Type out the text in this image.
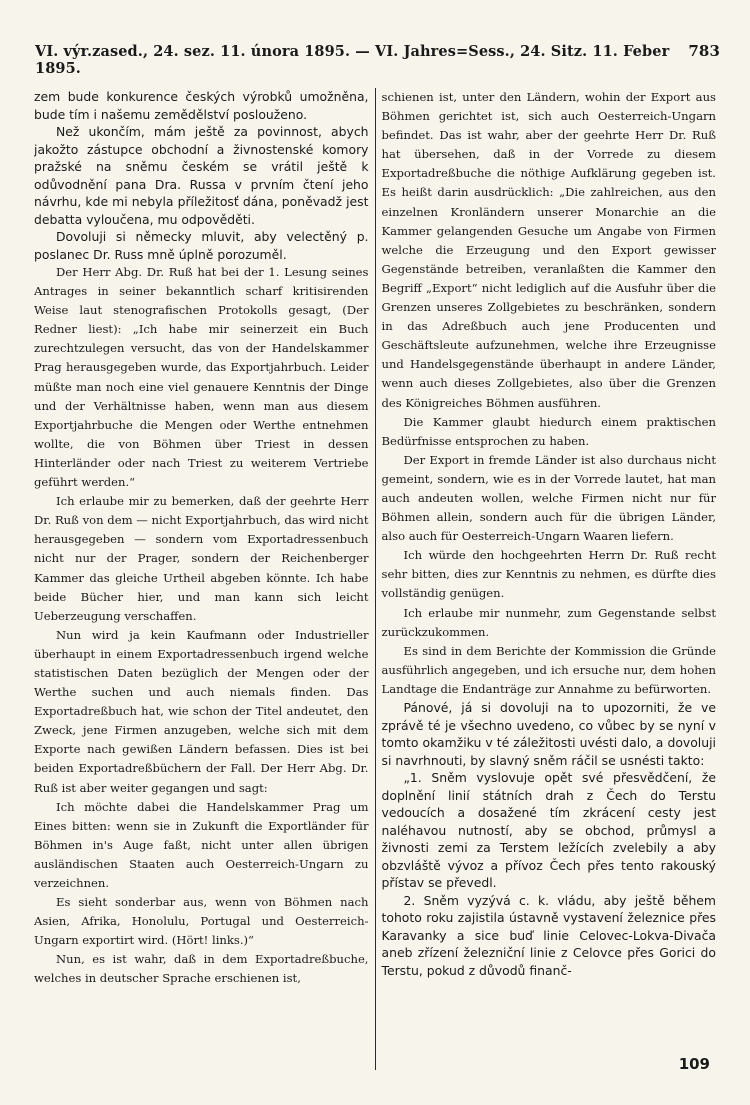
VI. výr.zased., 24. sez. 11. února 1895. — VI. Jahres=Sess., 24. Sitz. 11. Feber 1895.
783

zem bude konkurence českých výrobků umožněna, bude tím i našemu zemědělství poslouženo.

Než ukončím, mám ještě za povinnost, abych jakožto zástupce obchodní a živnostenské komory pražské na sněmu českém se vrátil ještě k odůvodnění pana Dra. Russa v prvním čtení jeho návrhu, kde mi nebyla příležitosť dána, poněvadž jest debatta vyloučena, mu odpověděti.

Dovoluji si německy mluvit, aby velectěný p. poslanec Dr. Russ mně úplně porozuměl.

Der Herr Abg. Dr. Ruß hat bei der 1. Lesung seines Antrages in seiner bekanntlich scharf kritisirenden Weise laut stenografischen Protokolls gesagt, (Der Redner liest): „Ich habe mir seinerzeit ein Buch zurechtzulegen versucht, das von der Handelskammer Prag herausgegeben wurde, das Exportjahrbuch. Leider müßte man noch eine viel genauere Kenntnis der Dinge und der Verhältnisse haben, wenn man aus diesem Exportjahrbuche die Mengen oder Werthe entnehmen wollte, die von Böhmen über Triest in dessen Hinterländer oder nach Triest zu weiterem Vertriebe geführt werden.“

Ich erlaube mir zu bemerken, daß der geehrte Herr Dr. Ruß von dem — nicht Exportjahrbuch, das wird nicht herausgegeben — sondern vom Exportadressenbuch nicht nur der Prager, sondern der Reichenberger Kammer das gleiche Urtheil abgeben könnte. Ich habe beide Bücher hier, und man kann sich leicht Ueberzeugung verschaffen.

Nun wird ja kein Kaufmann oder Industrieller überhaupt in einem Exportadressenbuch irgend welche statistischen Daten bezüglich der Mengen oder der Werthe suchen und auch niemals finden. Das Exportadreßbuch hat, wie schon der Titel andeutet, den Zweck, jene Firmen anzugeben, welche sich mit dem Exporte nach gewißen Ländern befassen. Dies ist bei beiden Exportadreßbüchern der Fall. Der Herr Abg. Dr. Ruß ist aber weiter gegangen und sagt:

Ich möchte dabei die Handelskammer Prag um Eines bitten: wenn sie in Zukunft die Exportländer für Böhmen in's Auge faßt, nicht unter allen übrigen ausländischen Staaten auch Oesterreich-Ungarn zu verzeichnen.

Es sieht sonderbar aus, wenn von Böhmen nach Asien, Afrika, Honolulu, Portugal und Oesterreich-Ungarn exportirt wird. (Hört! links.)“

Nun, es ist wahr, daß in dem Exportadreßbuche, welches in deutscher Sprache erschienen ist,

schienen ist, unter den Ländern, wohin der Export aus Böhmen gerichtet ist, sich auch Oesterreich-Ungarn befindet. Das ist wahr, aber der geehrte Herr Dr. Ruß hat übersehen, daß in der Vorrede zu diesem Exportadreßbuche die nöthige Aufklärung gegeben ist. Es heißt darin ausdrücklich: „Die zahlreichen, aus den einzelnen Kronländern unserer Monarchie an die Kammer gelangenden Gesuche um Angabe von Firmen welche die Erzeugung und den Export gewisser Gegenstände betreiben, veranlaßten die Kammer den Begriff „Export“ nicht lediglich auf die Ausfuhr über die Grenzen unseres Zollgebietes zu beschränken, sondern in das Adreßbuch auch jene Producenten und Geschäftsleute aufzunehmen, welche ihre Erzeugnisse und Handelsgegenstände überhaupt in andere Länder, wenn auch dieses Zollgebietes, also über die Grenzen des Königreiches Böhmen ausführen.

Die Kammer glaubt hiedurch einem praktischen Bedürfnisse entsprochen zu haben.

Der Export in fremde Länder ist also durchaus nicht gemeint, sondern, wie es in der Vorrede lautet, hat man auch andeuten wollen, welche Firmen nicht nur für Böhmen allein, sondern auch für die übrigen Länder, also auch für Oesterreich-Ungarn Waaren liefern.

Ich würde den hochgeehrten Herrn Dr. Ruß recht sehr bitten, dies zur Kenntnis zu nehmen, es dürfte dies vollständig genügen.

Ich erlaube mir nunmehr, zum Gegenstande selbst zurückzukommen.

Es sind in dem Berichte der Kommission die Gründe ausführlich angegeben, und ich ersuche nur, dem hohen Landtage die Endanträge zur Annahme zu befürworten.

Pánové, já si dovoluji na to upozorniti, že ve zprávě té je všechno uvedeno, co vůbec by se nyní v tomto okamžiku v té záležitosti uvésti dalo, a dovoluji si navrhnouti, by slavný sněm ráčil se usnésti takto:

„1. Sněm vyslovuje opět své přesvědčení, že doplnění linií státních drah z Čech do Terstu vedoucích a dosažené tím zkrácení cesty jest naléhavou nutností, aby se obchod, průmysl a živnosti zemi za Terstem ležících zvelebily a aby obzvláště vývoz a přívoz Čech přes tento rakouský přístav se převedl.

2. Sněm vyzývá c. k. vládu, aby ještě během tohoto roku zajistila ústavně vystavení železnice přes Karavanky a sice buď linie Celovec-Lokva-Divača aneb zřízení železniční linie z Celovce přes Gorici do Terstu, pokud z důvodů finanč-

109
